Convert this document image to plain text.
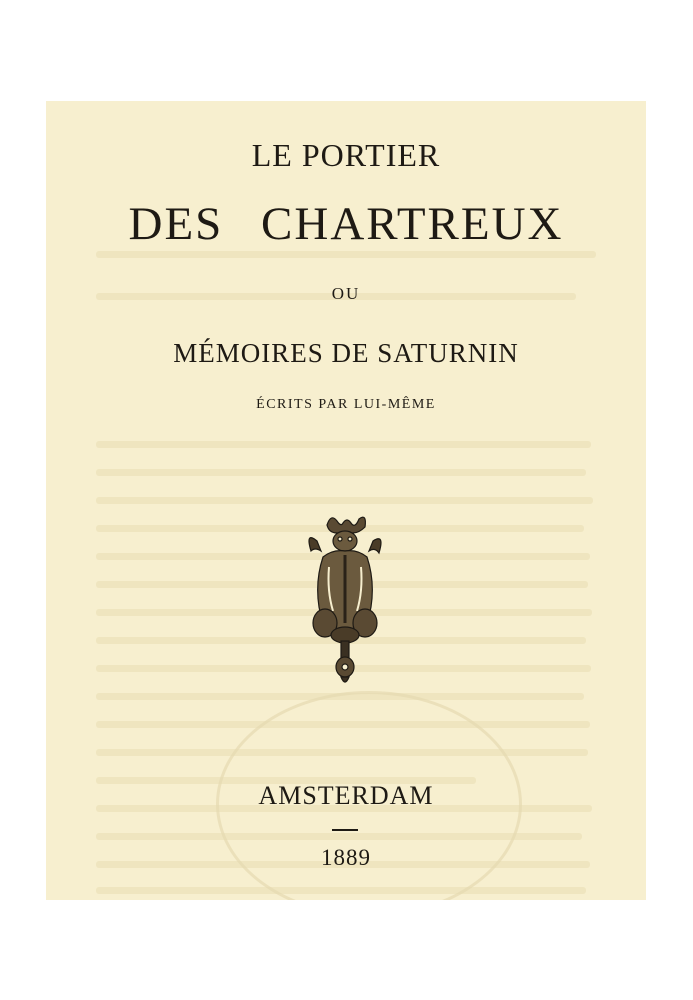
LE PORTIER
DES CHARTREUX
OU
MÉMOIRES DE SATURNIN
ÉCRITS PAR LUI-MÊME
AMSTERDAM
1889
